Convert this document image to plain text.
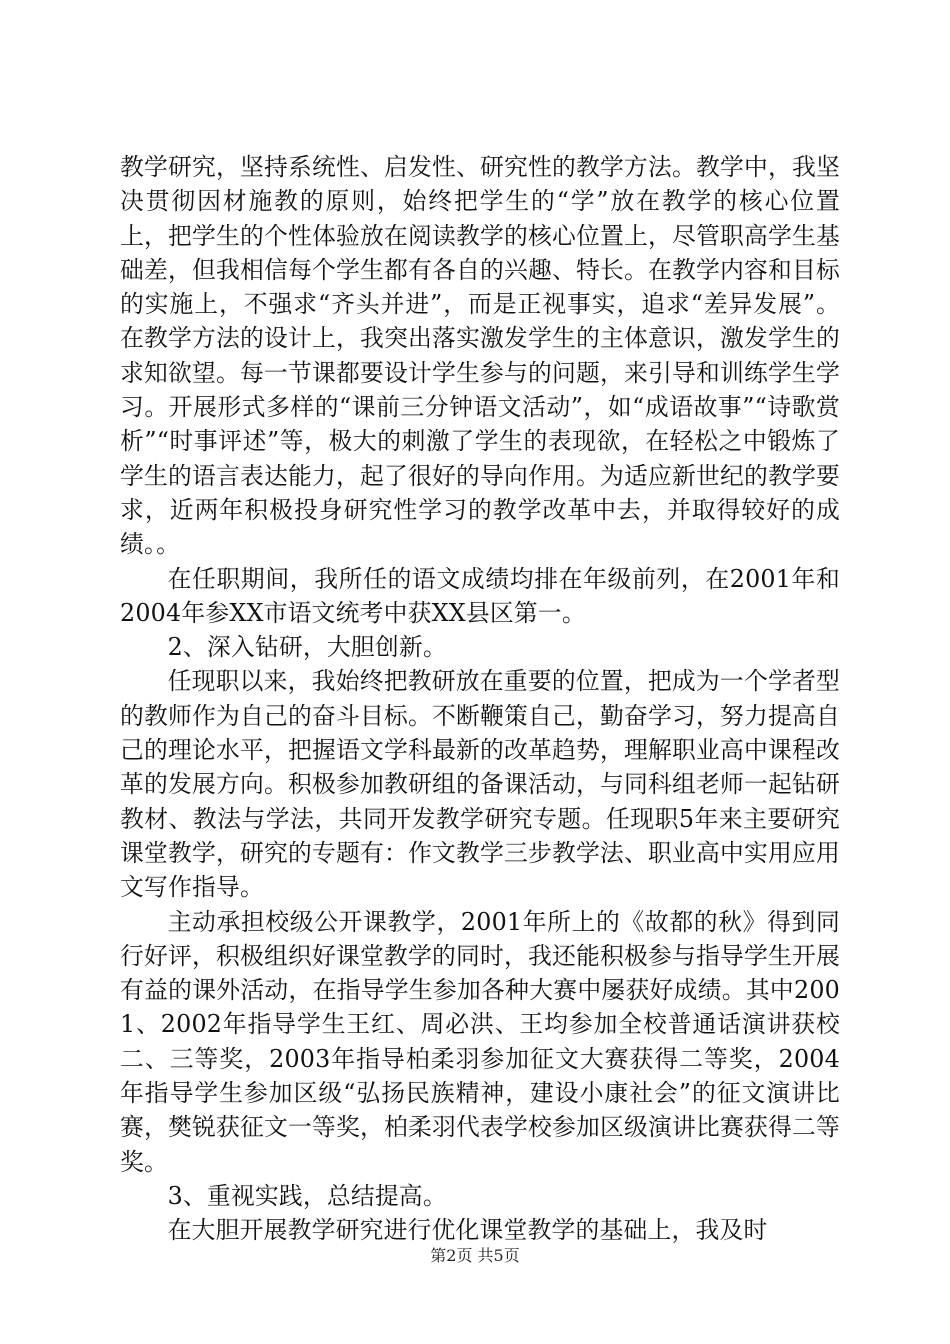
教学研究，坚持系统性、启发性、研究性的教学方法。教学中，我坚决贯彻因材施教的原则，始终把学生的“学”放在教学的核心位置上，把学生的个性体验放在阅读教学的核心位置上，尽管职高学生基础差，但我相信每个学生都有各自的兴趣、特长。在教学内容和目标的实施上，不强求“齐头并进”，而是正视事实，追求“差异发展”。在教学方法的设计上，我突出落实激发学生的主体意识，激发学生的求知欲望。每一节课都要设计学生参与的问题，来引导和训练学生学习。开展形式多样的“课前三分钟语文活动”，如“成语故事”“诗歌赏析”“时事评述”等，极大的刺激了学生的表现欲，在轻松之中锻炼了学生的语言表达能力，起了很好的导向作用。为适应新世纪的教学要求，近两年积极投身研究性学习的教学改革中去，并取得较好的成绩。。

在任职期间，我所任的语文成绩均排在年级前列，在2001年和2004年参XX市语文统考中获XX县区第一。

2、深入钻研，大胆创新。

任现职以来，我始终把教研放在重要的位置，把成为一个学者型的教师作为自己的奋斗目标。不断鞭策自己，勤奋学习，努力提高自己的理论水平，把握语文学科最新的改革趋势，理解职业高中课程改革的发展方向。积极参加教研组的备课活动，与同科组老师一起钻研教材、教法与学法，共同开发教学研究专题。任现职5年来主要研究课堂教学，研究的专题有：作文教学三步教学法、职业高中实用应用文写作指导。

主动承担校级公开课教学，2001年所上的《故都的秋》得到同行好评，积极组织好课堂教学的同时，我还能积极参与指导学生开展有益的课外活动，在指导学生参加各种大赛中屡获好成绩。其中2001、2002年指导学生王红、周必洪、王均参加全校普通话演讲获校二、三等奖，2003年指导柏柔羽参加征文大赛获得二等奖，2004年指导学生参加区级“弘扬民族精神，建设小康社会”的征文演讲比赛，樊锐获征文一等奖，柏柔羽代表学校参加区级演讲比赛获得二等奖。

3、重视实践，总结提高。

在大胆开展教学研究进行优化课堂教学的基础上，我及时

第2页 共5页
